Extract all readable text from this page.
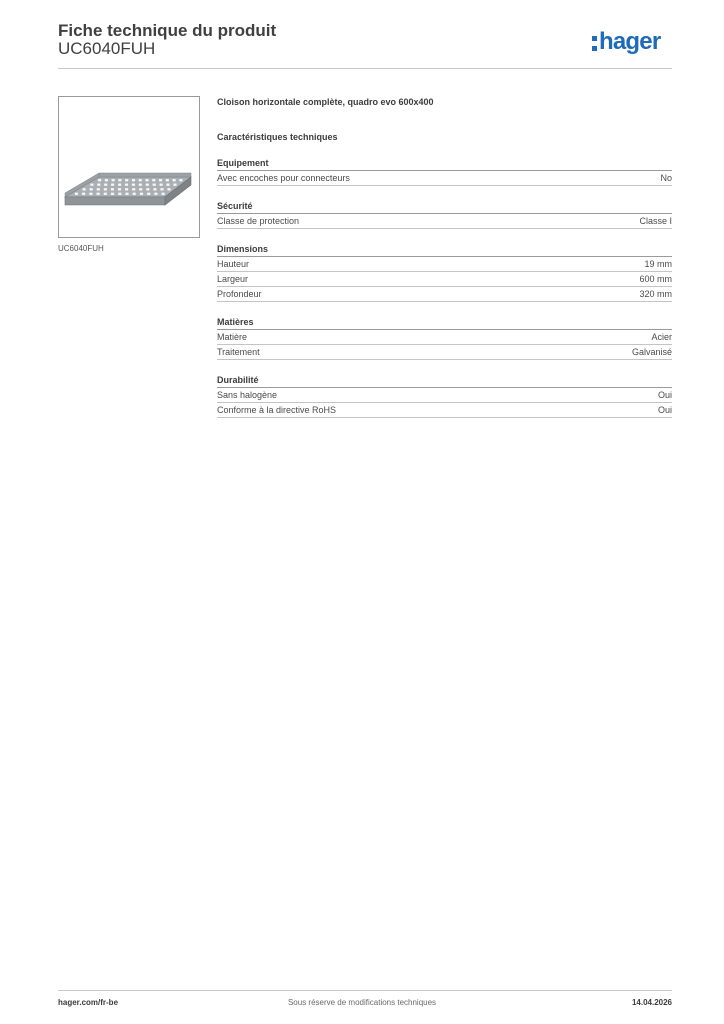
Fiche technique du produit
UC6040FUH	hager
UC6040FUH

Cloison horizontale complète, quadro evo 600x400

Caractéristiques techniques
Equipement
Avec encoches pour connecteurs	No
Sécurité
Classe de protection	Classe I
Dimensions
Hauteur	19 mm
Largeur	600 mm
Profondeur	320 mm
Matières
Matière	Acier
Traitement	Galvanisé
Durabilité
Sans halogène	Oui
Conforme à la directive RoHS	Oui
hager.com/fr-be	Sous réserve de modifications techniques	14.04.2026
